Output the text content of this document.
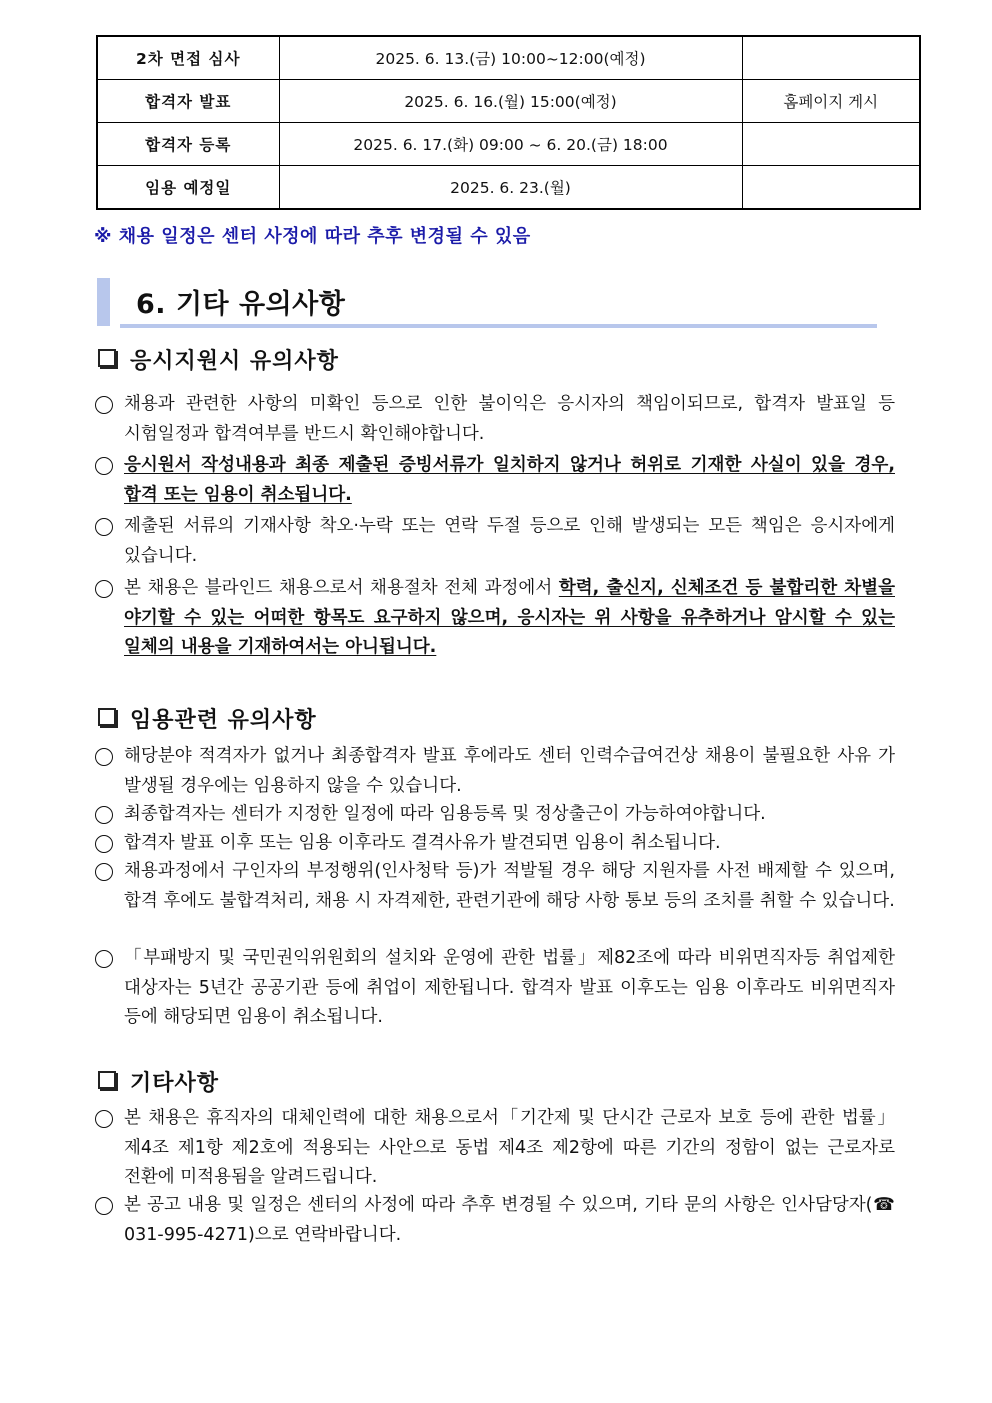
2차 면접 심사	2025. 6. 13.(금) 10:00~12:00(예정)	
합격자 발표	2025. 6. 16.(월) 15:00(예정)	홈페이지 게시
합격자 등록	2025. 6. 17.(화) 09:00 ~ 6. 20.(금) 18:00	
임용 예정일	2025. 6. 23.(월)	
※ 채용 일정은 센터 사정에 따라 추후 변경될 수 있음
6. 기타 유의사항
응시지원시 유의사항
채용과 관련한 사항의 미확인 등으로 인한 불이익은 응시자의 책임이되므로, 합격자 발표일 등 시험일정과 합격여부를 반드시 확인해야합니다.
응시원서 작성내용과 최종 제출된 증빙서류가 일치하지 않거나 허위로 기재한 사실이 있을 경우, 합격 또는 임용이 취소됩니다.
제출된 서류의 기재사항 착오·누락 또는 연락 두절 등으로 인해 발생되는 모든 책임은 응시자에게 있습니다.
본 채용은 블라인드 채용으로서 채용절차 전체 과정에서 학력, 출신지, 신체조건 등 불합리한 차별을 야기할 수 있는 어떠한 항목도 요구하지 않으며, 응시자는 위 사항을 유추하거나 암시할 수 있는 일체의 내용을 기재하여서는 아니됩니다.
임용관련 유의사항
해당분야 적격자가 없거나 최종합격자 발표 후에라도 센터 인력수급여건상 채용이 불필요한 사유 가 발생될 경우에는 임용하지 않을 수 있습니다.
최종합격자는 센터가 지정한 일정에 따라 임용등록 및 정상출근이 가능하여야합니다.
합격자 발표 이후 또는 임용 이후라도 결격사유가 발견되면 임용이 취소됩니다.
채용과정에서 구인자의 부정행위(인사청탁 등)가 적발될 경우 해당 지원자를 사전 배제할 수 있으며, 합격 후에도 불합격처리, 채용 시 자격제한, 관련기관에 해당 사항 통보 등의 조치를 취할 수 있습니다.
「부패방지 및 국민권익위원회의 설치와 운영에 관한 법률」제82조에 따라 비위면직자등 취업제한 대상자는 5년간 공공기관 등에 취업이 제한됩니다. 합격자 발표 이후도는 임용 이후라도 비위면직자 등에 해당되면 임용이 취소됩니다.
기타사항
본 채용은 휴직자의 대체인력에 대한 채용으로서「기간제 및 단시간 근로자 보호 등에 관한 법률」제4조 제1항 제2호에 적용되는 사안으로 동법 제4조 제2항에 따른 기간의 정함이 없는 근로자로 전환에 미적용됨을 알려드립니다.
본 공고 내용 및 일정은 센터의 사정에 따라 추후 변경될 수 있으며, 기타 문의 사항은 인사담당자(☎ 031-995-4271)으로 연락바랍니다.
